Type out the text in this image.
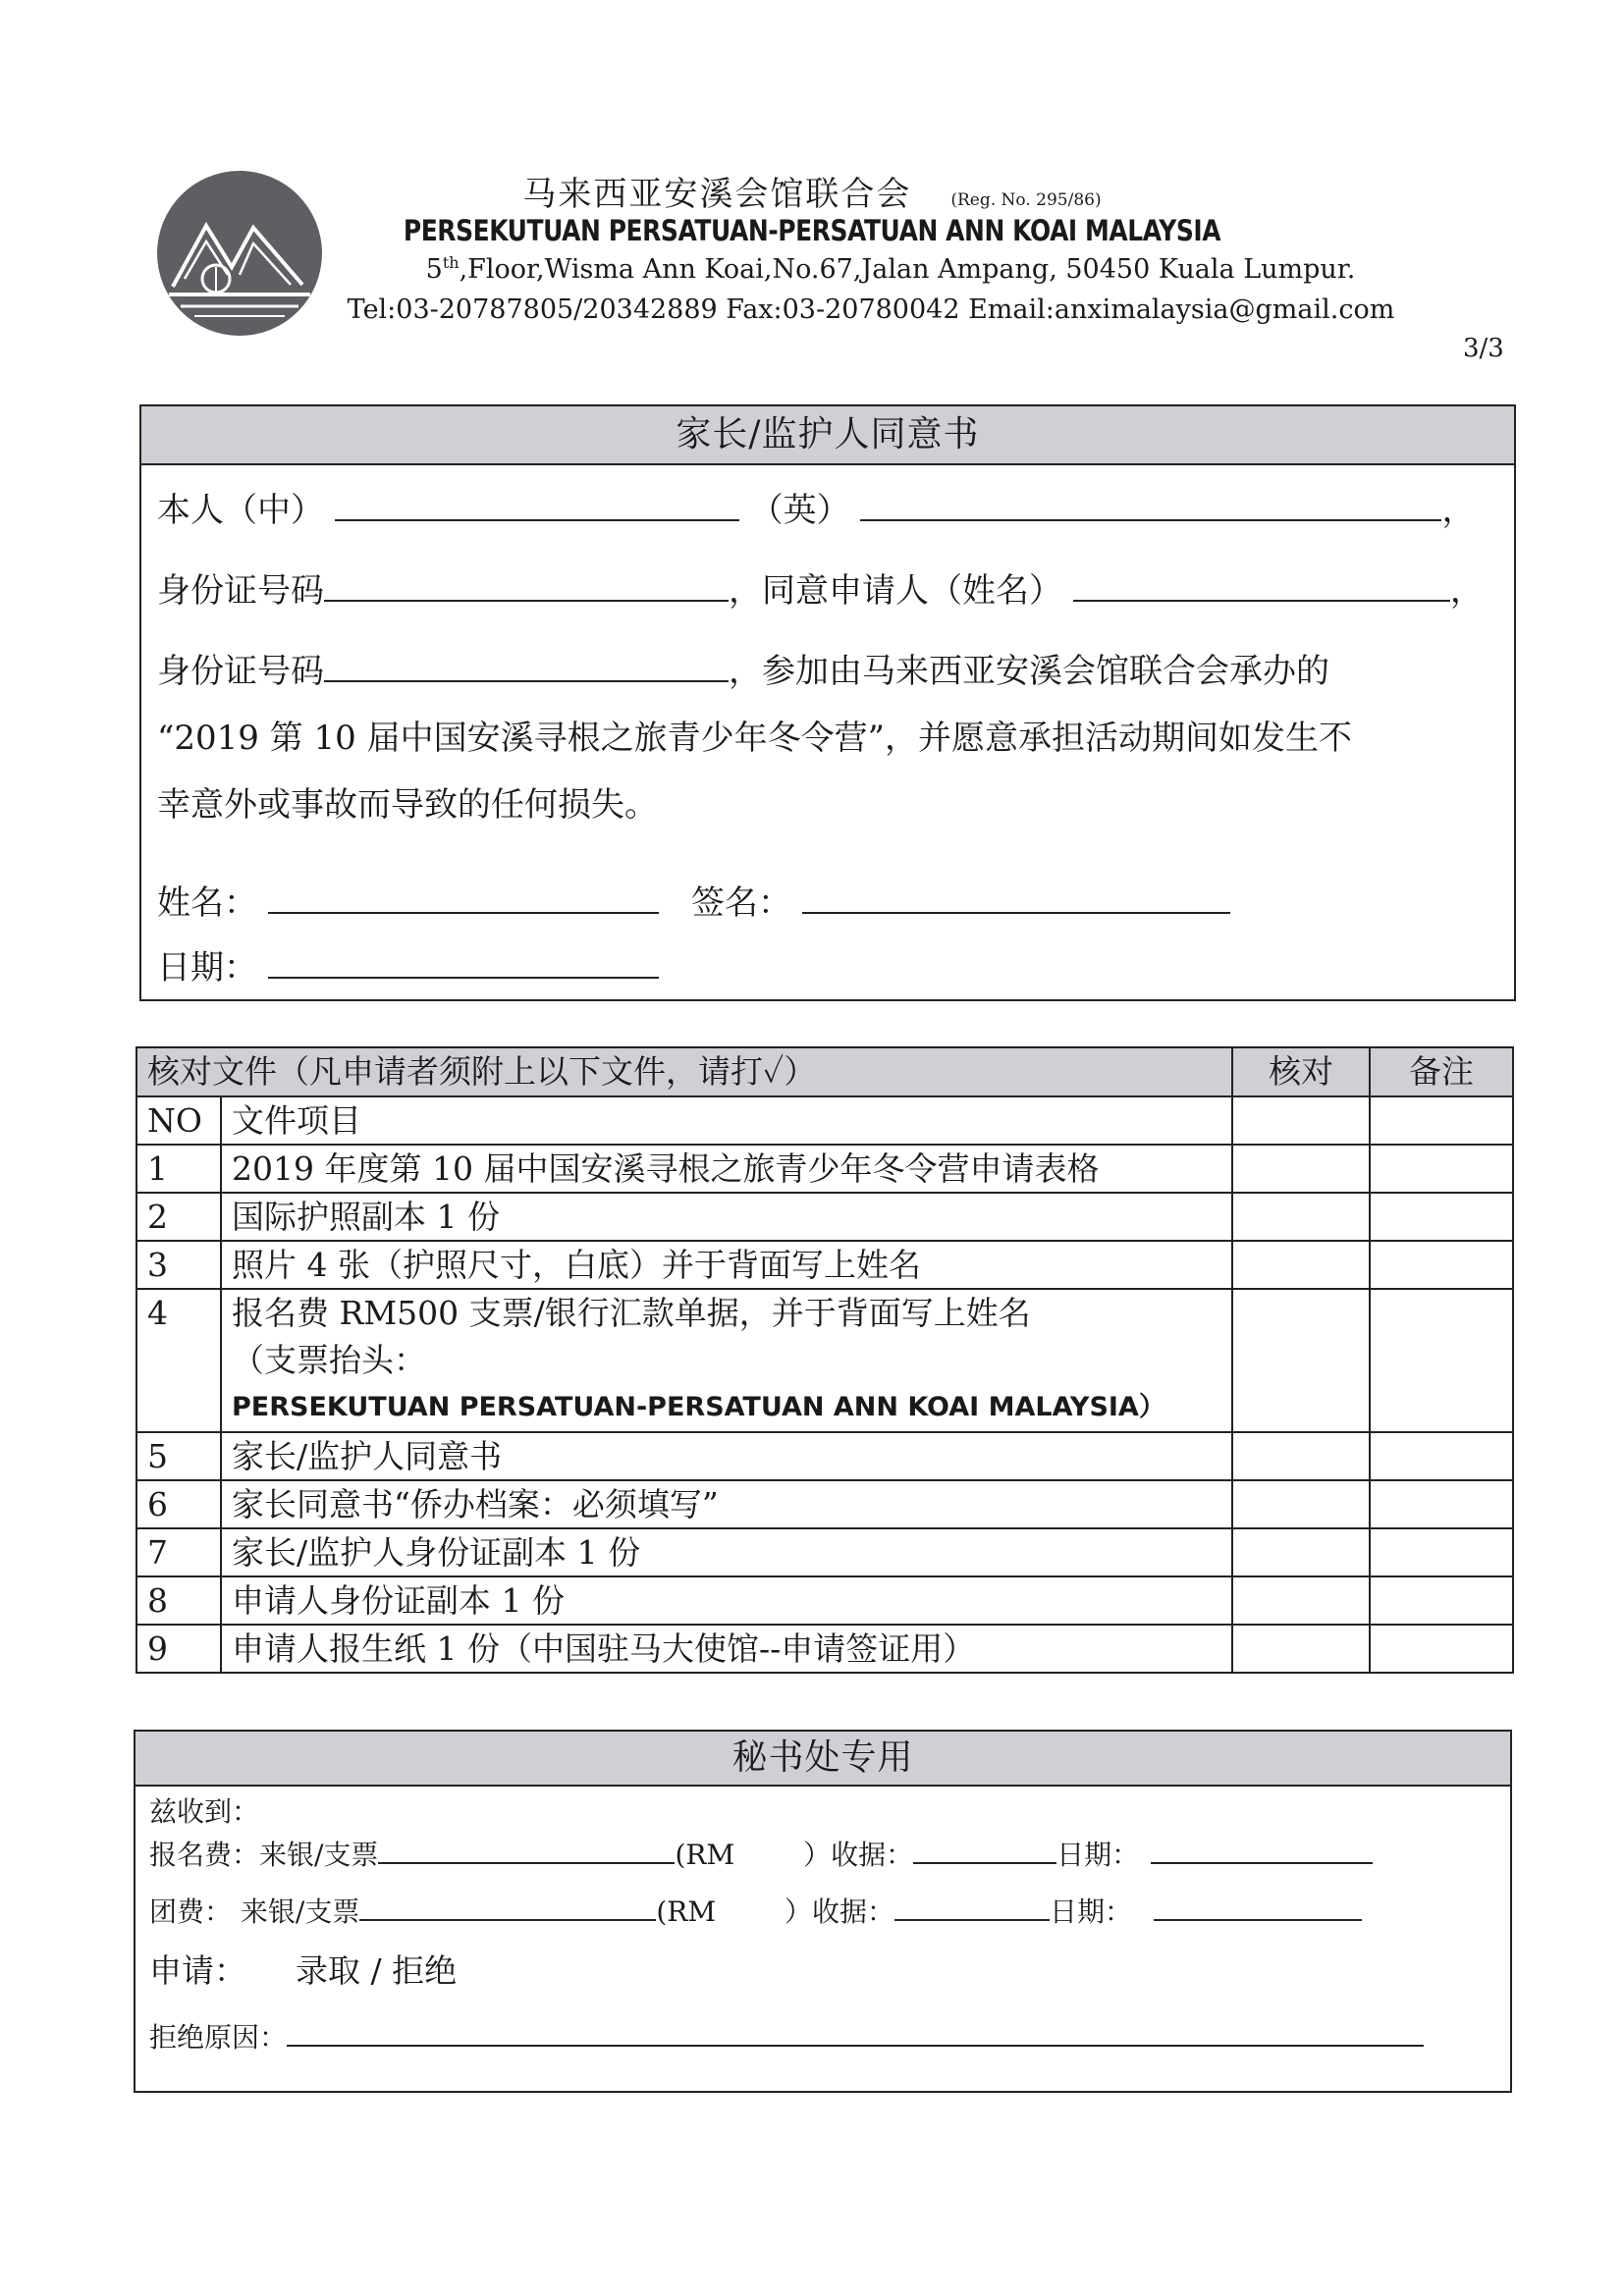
马来西亚安溪会馆联合会 (Reg. No. 295/86)
PERSEKUTUAN PERSATUAN-PERSATUAN ANN KOAI MALAYSIA
5th,Floor,Wisma Ann Koai,No.67,Jalan Ampang, 50450 Kuala Lumpur.
Tel:03-20787805/20342889 Fax:03-20780042 Email:anximalaysia@gmail.com
3/3
家长/监护人同意书
本人（中）	（英）	，
身份证号码	，同意申请人（姓名）	，
身份证号码	，参加由马来西亚安溪会馆联合会承办的
“2019 第 10 届中国安溪寻根之旅青少年冬令营”，并愿意承担活动期间如发生不
幸意外或事故而导致的任何损失。
姓名：	签名：
日期：
核对文件（凡申请者须附上以下文件，请打✓）		核对	备注
NO	文件项目		
1	2019 年度第 10 届中国安溪寻根之旅青少年冬令营申请表格		
2	国际护照副本 1 份		
3	照片 4 张（护照尺寸，白底）并于背面写上姓名		
4	报名费 RM500 支票/银行汇款单据，并于背面写上姓名
（支票抬头：
PERSEKUTUAN PERSATUAN-PERSATUAN ANN KOAI MALAYSIA）		

5	家长/监护人同意书		
6	家长同意书“侨办档案：必须填写”		
7	家长/监护人身份证副本 1 份		
8	申请人身份证副本 1 份		
9	申请人报生纸 1 份（中国驻马大使馆--申请签证用）		
秘书处专用
兹收到：
报名费：来银/支票	(RM	）收据：	日期：
团费： 来银/支票	(RM	）收据：	日期：
申请： 录取 / 拒绝
拒绝原因：
